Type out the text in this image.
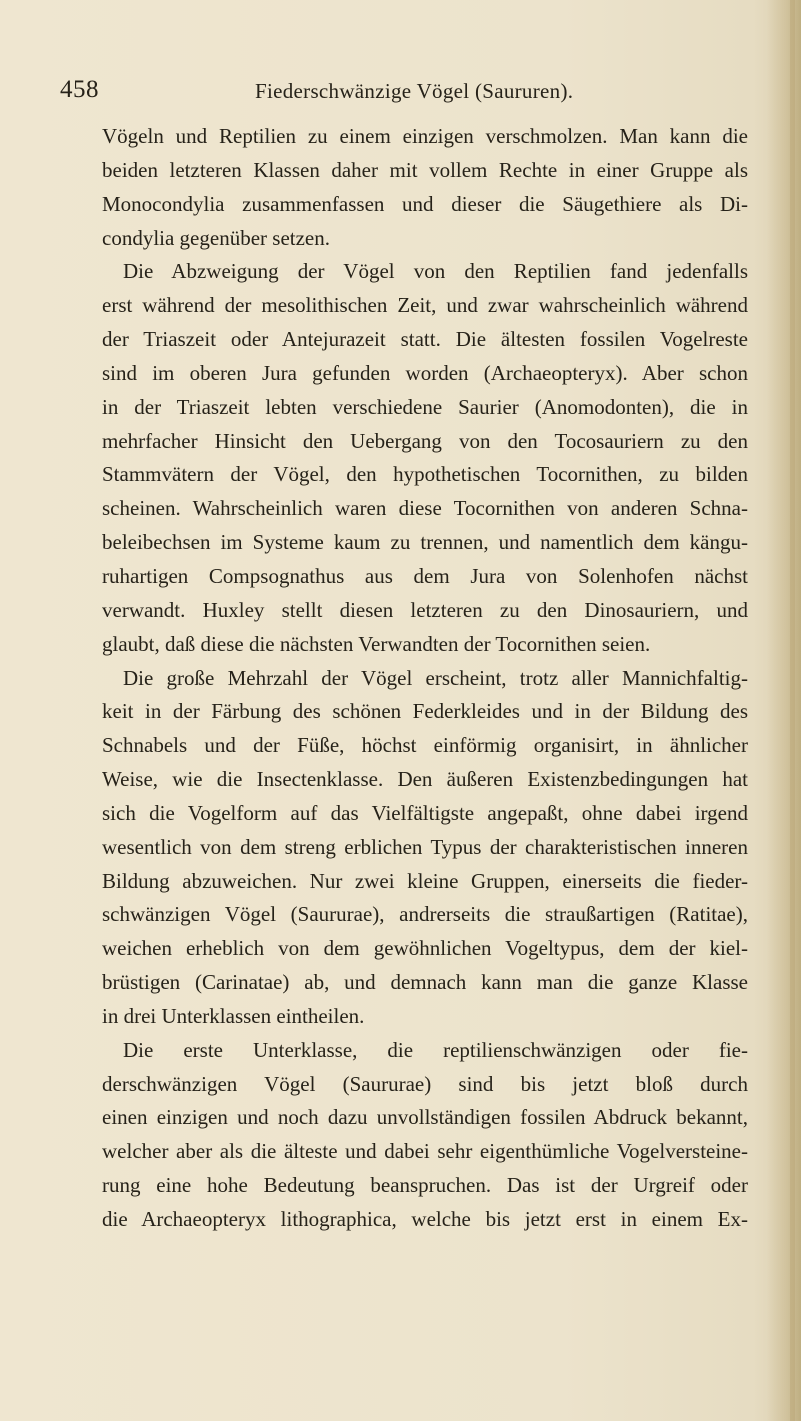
458	Fiederschwänzige Vögel (Saururen).
Vögeln und Reptilien zu einem einzigen verschmolzen. Man kann die
beiden letzteren Klassen daher mit vollem Rechte in einer Gruppe als
Monocondylia zusammenfassen und dieser die Säugethiere als Di-
condylia gegenüber setzen.
Die Abzweigung der Vögel von den Reptilien fand jedenfalls
erst während der mesolithischen Zeit, und zwar wahrscheinlich während
der Triaszeit oder Antejurazeit statt. Die ältesten fossilen Vogelreste
sind im oberen Jura gefunden worden (Archaeopteryx). Aber schon
in der Triaszeit lebten verschiedene Saurier (Anomodonten), die in
mehrfacher Hinsicht den Uebergang von den Tocosauriern zu den
Stammvätern der Vögel, den hypothetischen Tocornithen, zu bilden
scheinen. Wahrscheinlich waren diese Tocornithen von anderen Schna-
beleibechsen im Systeme kaum zu trennen, und namentlich dem kängu-
ruhartigen Compsognathus aus dem Jura von Solenhofen nächst
verwandt. Huxley stellt diesen letzteren zu den Dinosauriern, und
glaubt, daß diese die nächsten Verwandten der Tocornithen seien.
Die große Mehrzahl der Vögel erscheint, trotz aller Mannichfaltig-
keit in der Färbung des schönen Federkleides und in der Bildung des
Schnabels und der Füße, höchst einförmig organisirt, in ähnlicher
Weise, wie die Insectenklasse. Den äußeren Existenzbedingungen hat
sich die Vogelform auf das Vielfältigste angepaßt, ohne dabei irgend
wesentlich von dem streng erblichen Typus der charakteristischen inneren
Bildung abzuweichen. Nur zwei kleine Gruppen, einerseits die fieder-
schwänzigen Vögel (Saururae), andrerseits die straußartigen (Ratitae),
weichen erheblich von dem gewöhnlichen Vogeltypus, dem der kiel-
brüstigen (Carinatae) ab, und demnach kann man die ganze Klasse
in drei Unterklassen eintheilen.
Die erste Unterklasse, die reptilienschwänzigen oder fie-
derschwänzigen Vögel (Saururae) sind bis jetzt bloß durch
einen einzigen und noch dazu unvollständigen fossilen Abdruck bekannt,
welcher aber als die älteste und dabei sehr eigenthümliche Vogelversteine-
rung eine hohe Bedeutung beanspruchen. Das ist der Urgreif oder
die Archaeopteryx lithographica, welche bis jetzt erst in einem Ex-
